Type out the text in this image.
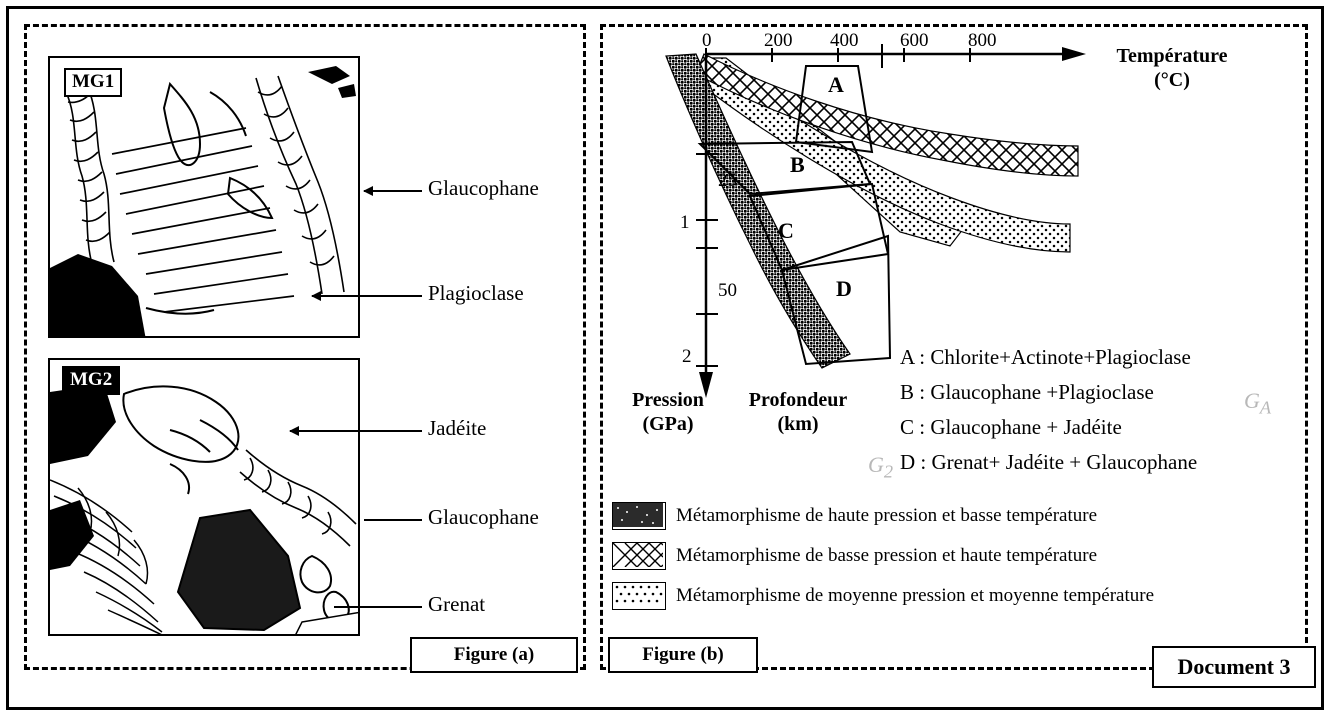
MG1
MG2
Glaucophane
Plagioclase
Jadéite
Glaucophane
Grenat
Figure (a)
0	200 400 600 800
25
1
50
2
A
B
C
D
Température
(°C)
Pression
(GPa)
Profondeur
(km)
$G_A$
$G_2$
A : Chlorite+Actinote+Plagioclase
B : Glaucophane +Plagioclase
C : Glaucophane + Jadéite
D : Grenat+ Jadéite + Glaucophane
Métamorphisme de haute pression et basse température
Métamorphisme de basse pression et haute température
Métamorphisme de moyenne pression et moyenne température
Figure (b)	Document 3
